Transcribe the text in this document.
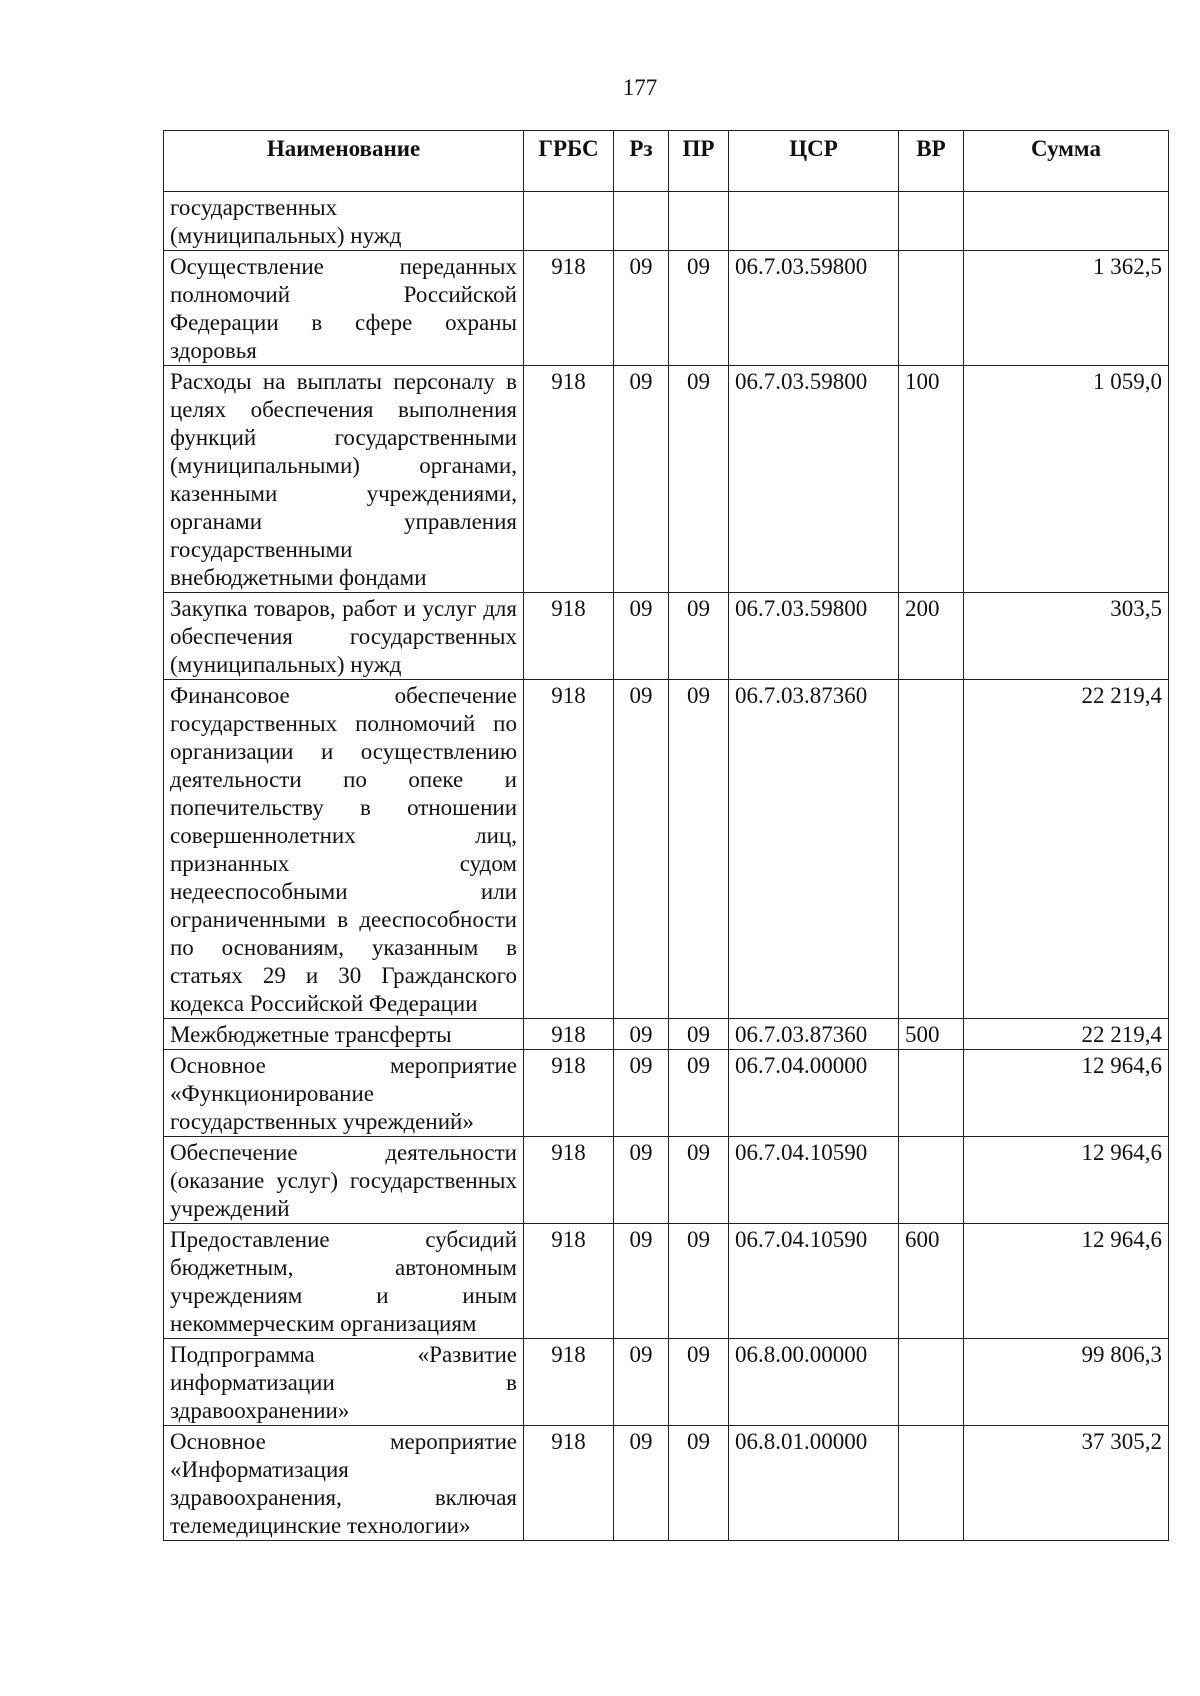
177
Наименование	ГРБС	Рз	ПР	ЦСР	ВР	Сумма
государственных (муниципальных) нужд						
Осуществление переданных полномочий Российской Федерации в сфере охраны здоровья	918	09	09	06.7.03.59800		1 362,5
Расходы на выплаты персоналу в целях обеспечения выполнения функций государственными (муниципальными) органами, казенными учреждениями, органами управления государственными внебюджетными фондами	918	09	09	06.7.03.59800	100	1 059,0
Закупка товаров, работ и услуг для обеспечения государственных (муниципальных) нужд	918	09	09	06.7.03.59800	200	303,5
Финансовое обеспечение государственных полномочий по организации и осуществлению деятельности по опеке и попечительству в отношении совершеннолетних лиц, признанных судом недееспособными или ограниченными в дееспособности по основаниям, указанным в статьях 29 и 30 Гражданского кодекса Российской Федерации	918	09	09	06.7.03.87360		22 219,4
Межбюджетные трансферты	918	09	09	06.7.03.87360	500	22 219,4
Основное мероприятие «Функционирование государственных учреждений»	918	09	09	06.7.04.00000		12 964,6
Обеспечение деятельности (оказание услуг) государственных учреждений	918	09	09	06.7.04.10590		12 964,6
Предоставление субсидий бюджетным, автономным учреждениям и иным некоммерческим организациям	918	09	09	06.7.04.10590	600	12 964,6
Подпрограмма «Развитие информатизации в здравоохранении»	918	09	09	06.8.00.00000		99 806,3
Основное мероприятие «Информатизация здравоохранения, включая телемедицинские технологии»	918	09	09	06.8.01.00000		37 305,2
